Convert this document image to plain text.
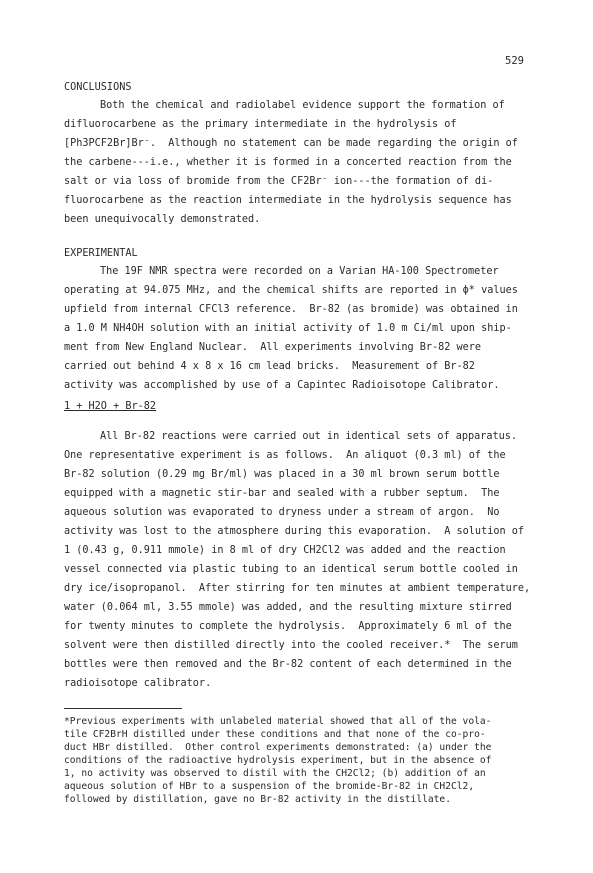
529
CONCLUSIONS
Both the chemical and radiolabel evidence support the formation of
difluorocarbene as the primary intermediate in the hydrolysis of
[Ph3PCF2Br]Br⁻.  Although no statement can be made regarding the origin of
the carbene---i.e., whether it is formed in a concerted reaction from the
salt or via loss of bromide from the CF2Br⁻ ion---the formation of di-
fluorocarbene as the reaction intermediate in the hydrolysis sequence has
been unequivocally demonstrated.
EXPERIMENTAL
The 19F NMR spectra were recorded on a Varian HA-100 Spectrometer
operating at 94.075 MHz, and the chemical shifts are reported in ϕ* values
upfield from internal CFCl3 reference.  Br-82 (as bromide) was obtained in
a 1.0 M NH4OH solution with an initial activity of 1.0 m Ci/ml upon ship-
ment from New England Nuclear.  All experiments involving Br-82 were
carried out behind 4 x 8 x 16 cm lead bricks.  Measurement of Br-82
activity was accomplished by use of a Capintec Radioisotope Calibrator.
1 + H2O + Br-82
All Br-82 reactions were carried out in identical sets of apparatus.
One representative experiment is as follows.  An aliquot (0.3 ml) of the
Br-82 solution (0.29 mg Br/ml) was placed in a 30 ml brown serum bottle
equipped with a magnetic stir-bar and sealed with a rubber septum.  The
aqueous solution was evaporated to dryness under a stream of argon.  No
activity was lost to the atmosphere during this evaporation.  A solution of
1 (0.43 g, 0.911 mmole) in 8 ml of dry CH2Cl2 was added and the reaction
vessel connected via plastic tubing to an identical serum bottle cooled in
dry ice/isopropanol.  After stirring for ten minutes at ambient temperature,
water (0.064 ml, 3.55 mmole) was added, and the resulting mixture stirred
for twenty minutes to complete the hydrolysis.  Approximately 6 ml of the
solvent were then distilled directly into the cooled receiver.*  The serum
bottles were then removed and the Br-82 content of each determined in the
radioisotope calibrator.
*Previous experiments with unlabeled material showed that all of the vola-
tile CF2BrH distilled under these conditions and that none of the co-pro-
duct HBr distilled.  Other control experiments demonstrated: (a) under the
conditions of the radioactive hydrolysis experiment, but in the absence of
1, no activity was observed to distil with the CH2Cl2; (b) addition of an
aqueous solution of HBr to a suspension of the bromide-Br-82 in CH2Cl2,
followed by distillation, gave no Br-82 activity in the distillate.
